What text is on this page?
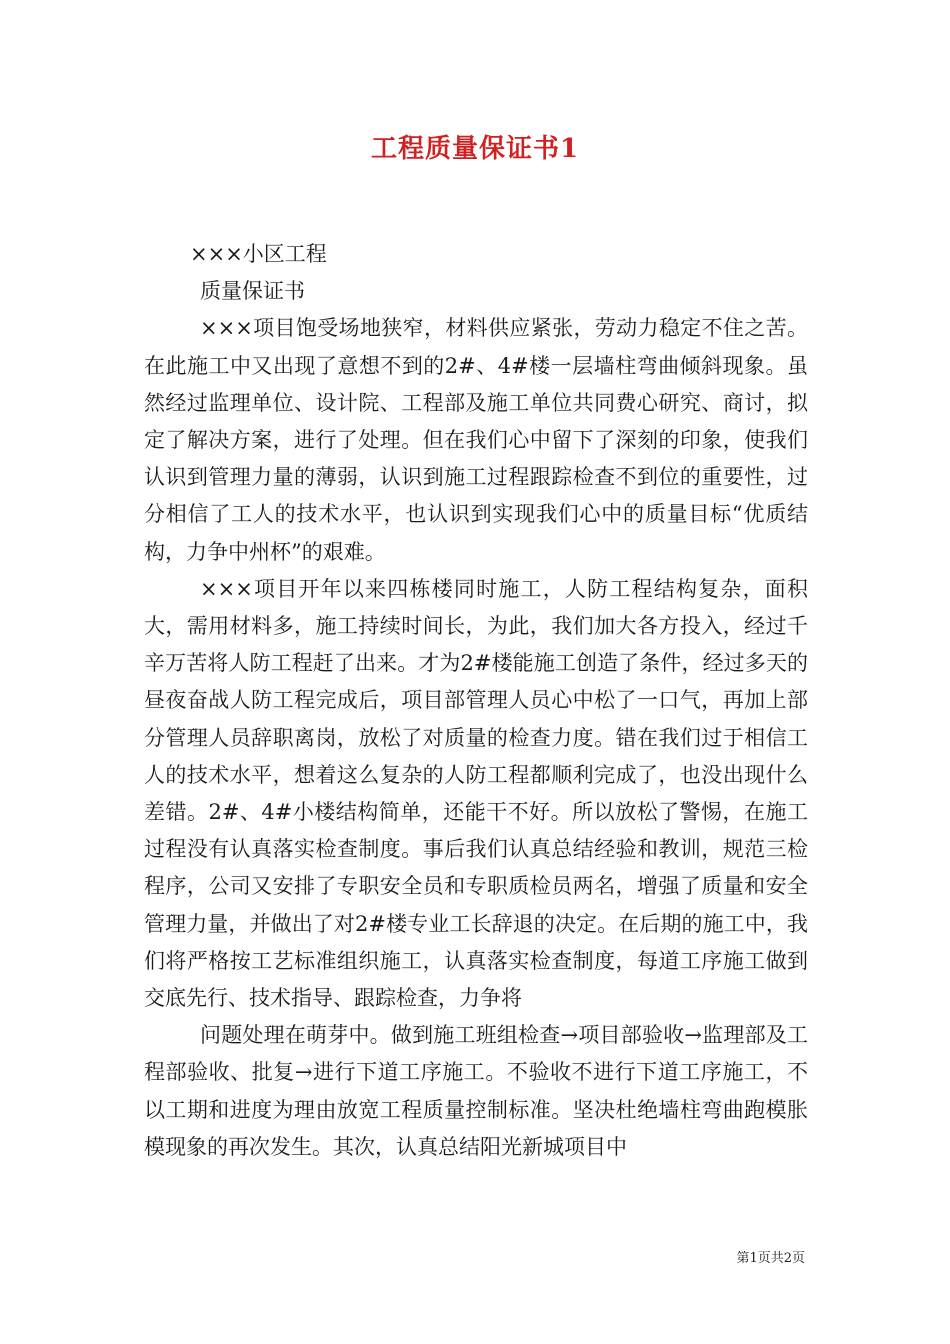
工程质量保证书1

×××小区工程

质量保证书

×××项目饱受场地狭窄，材料供应紧张，劳动力稳定不住之苦。在此施工中又出现了意想不到的2#、4#楼一层墙柱弯曲倾斜现象。虽然经过监理单位、设计院、工程部及施工单位共同费心研究、商讨，拟定了解决方案，进行了处理。但在我们心中留下了深刻的印象，使我们认识到管理力量的薄弱，认识到施工过程跟踪检查不到位的重要性，过分相信了工人的技术水平，也认识到实现我们心中的质量目标“优质结构，力争中州杯”的艰难。

×××项目开年以来四栋楼同时施工，人防工程结构复杂，面积大，需用材料多，施工持续时间长，为此，我们加大各方投入，经过千辛万苦将人防工程赶了出来。才为2#楼能施工创造了条件，经过多天的昼夜奋战人防工程完成后，项目部管理人员心中松了一口气，再加上部分管理人员辞职离岗，放松了对质量的检查力度。错在我们过于相信工人的技术水平，想着这么复杂的人防工程都顺利完成了，也没出现什么差错。2#、4#小楼结构简单，还能干不好。所以放松了警惕，在施工过程没有认真落实检查制度。事后我们认真总结经验和教训，规范三检程序，公司又安排了专职安全员和专职质检员两名，增强了质量和安全管理力量，并做出了对2#楼专业工长辞退的决定。在后期的施工中，我们将严格按工艺标准组织施工，认真落实检查制度，每道工序施工做到交底先行、技术指导、跟踪检查，力争将

问题处理在萌芽中。做到施工班组检查→项目部验收→监理部及工程部验收、批复→进行下道工序施工。不验收不进行下道工序施工，不以工期和进度为理由放宽工程质量控制标准。坚决杜绝墙柱弯曲跑模胀模现象的再次发生。其次，认真总结阳光新城项目中

第1页共2页
